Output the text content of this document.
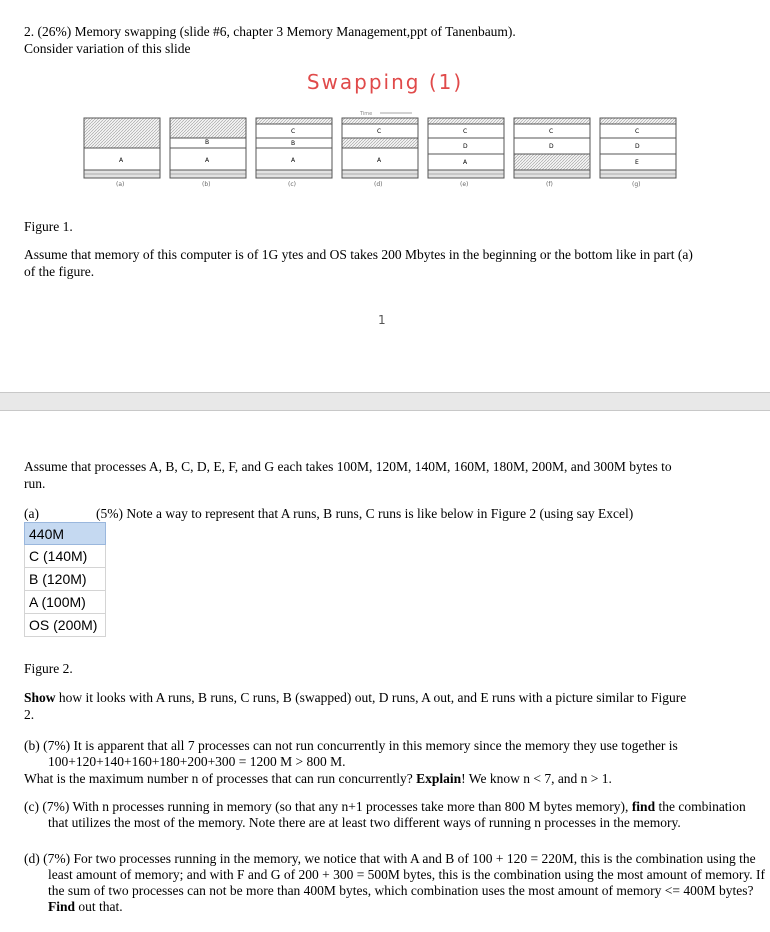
2. (26%) Memory swapping (slide #6, chapter 3 Memory Management,ppt of Tanenbaum).
Consider variation of this slide
Swapping (1)
Time
A
(a)
B
A
(b)
C
B
A
(c)
C
A
(d)
C
D
A
(e)
C
D
(f)
C
D
E
(g)
Figure 1.
Assume that memory of this computer is of 1G ytes and OS takes 200 Mbytes in the beginning or the bottom like in part (a)
of the figure.
1
Assume that processes A, B, C, D, E, F, and G each takes 100M, 120M, 140M, 160M, 180M, 200M, and 300M bytes to
run.
(a)	(5%) Note a way to represent that A runs, B runs, C runs is like below in Figure 2 (using say Excel)
440M
C (140M)
B (120M)
A (100M)
OS (200M)
Figure 2.
Show how it looks with A runs, B runs, C runs, B (swapped) out, D runs, A out, and E runs with a picture similar to Figure
2.
(b) (7%) It is apparent that all 7 processes can not run concurrently in this memory since the memory they use together is
100+120+140+160+180+200+300 = 1200 M > 800 M.
What is the maximum number n of processes that can run concurrently? Explain! We know n < 7, and n > 1.
(c) (7%) With n processes running in memory (so that any n+1 processes take more than 800 M bytes memory), find the combination that utilizes the most of the memory. Note there are at least two different ways of running n processes in the memory.
(d) (7%) For two processes running in the memory, we notice that with A and B of 100 + 120 = 220M, this is the combination using the least amount of memory; and with F and G of 200 + 300 = 500M bytes, this is the combination using the most amount of memory. If the sum of two processes can not be more than 400M bytes, which combination uses the most amount of memory <= 400M bytes? Find out that.
